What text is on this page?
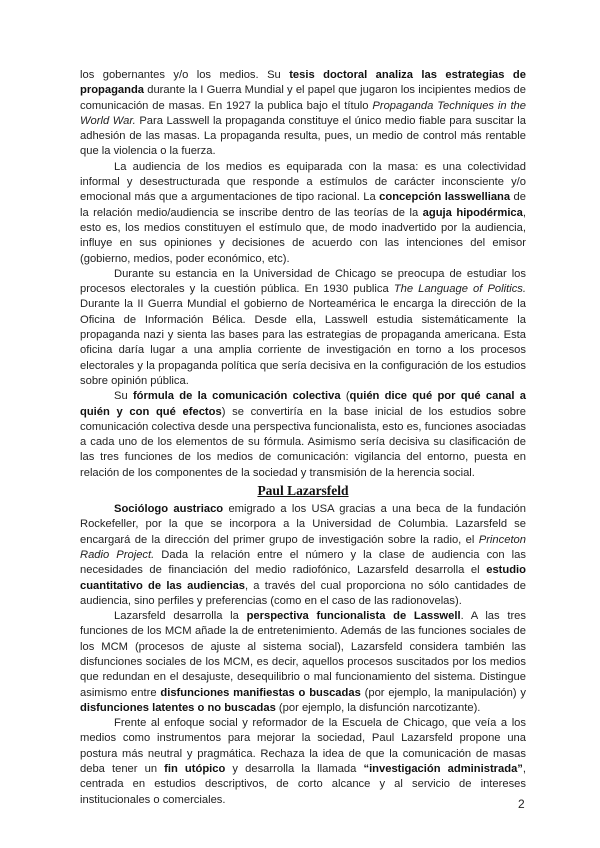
los gobernantes y/o los medios. Su tesis doctoral analiza las estrategias de propaganda durante la I Guerra Mundial y el papel que jugaron los incipientes medios de comunicación de masas. En 1927 la publica bajo el título Propaganda Techniques in the World War. Para Lasswell la propaganda constituye el único medio fiable para suscitar la adhesión de las masas. La propaganda resulta, pues, un medio de control más rentable que la violencia o la fuerza.

La audiencia de los medios es equiparada con la masa: es una colectividad informal y desestructurada que responde a estímulos de carácter inconsciente y/o emocional más que a argumentaciones de tipo racional. La concepción lasswelliana de la relación medio/audiencia se inscribe dentro de las teorías de la aguja hipodérmica, esto es, los medios constituyen el estímulo que, de modo inadvertido por la audiencia, influye en sus opiniones y decisiones de acuerdo con las intenciones del emisor (gobierno, medios, poder económico, etc).

Durante su estancia en la Universidad de Chicago se preocupa de estudiar los procesos electorales y la cuestión pública. En 1930 publica The Language of Politics. Durante la II Guerra Mundial el gobierno de Norteamérica le encarga la dirección de la Oficina de Información Bélica. Desde ella, Lasswell estudia sistemáticamente la propaganda nazi y sienta las bases para las estrategias de propaganda americana. Esta oficina daría lugar a una amplia corriente de investigación en torno a los procesos electorales y la propaganda política que sería decisiva en la configuración de los estudios sobre opinión pública.

Su fórmula de la comunicación colectiva (quién dice qué por qué canal a quién y con qué efectos) se convertiría en la base inicial de los estudios sobre comunicación colectiva desde una perspectiva funcionalista, esto es, funciones asociadas a cada uno de los elementos de su fórmula. Asimismo sería decisiva su clasificación de las tres funciones de los medios de comunicación: vigilancia del entorno, puesta en relación de los componentes de la sociedad y transmisión de la herencia social.

Paul Lazarsfeld

Sociólogo austriaco emigrado a los USA gracias a una beca de la fundación Rockefeller, por la que se incorpora a la Universidad de Columbia. Lazarsfeld se encargará de la dirección del primer grupo de investigación sobre la radio, el Princeton Radio Project. Dada la relación entre el número y la clase de audiencia con las necesidades de financiación del medio radiofónico, Lazarsfeld desarrolla el estudio cuantitativo de las audiencias, a través del cual proporciona no sólo cantidades de audiencia, sino perfiles y preferencias (como en el caso de las radionovelas).

Lazarsfeld desarrolla la perspectiva funcionalista de Lasswell. A las tres funciones de los MCM añade la de entretenimiento. Además de las funciones sociales de los MCM (procesos de ajuste al sistema social), Lazarsfeld considera también las disfunciones sociales de los MCM, es decir, aquellos procesos suscitados por los medios que redundan en el desajuste, desequilibrio o mal funcionamiento del sistema. Distingue asimismo entre disfunciones manifiestas o buscadas (por ejemplo, la manipulación) y disfunciones latentes o no buscadas (por ejemplo, la disfunción narcotizante).

Frente al enfoque social y reformador de la Escuela de Chicago, que veía a los medios como instrumentos para mejorar la sociedad, Paul Lazarsfeld propone una postura más neutral y pragmática. Rechaza la idea de que la comunicación de masas deba tener un fin utópico y desarrolla la llamada “investigación administrada”, centrada en estudios descriptivos, de corto alcance y al servicio de intereses institucionales o comerciales.	2
